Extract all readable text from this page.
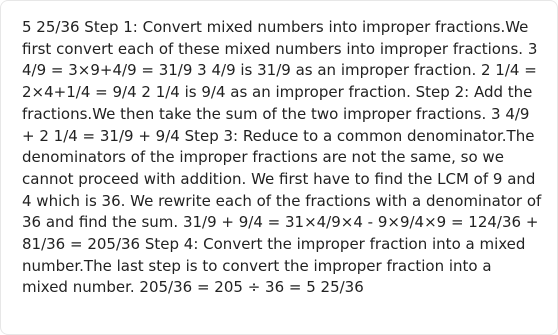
5 25/36 Step 1: Convert mixed numbers into improper fractions.We first convert each of these mixed numbers into improper fractions. 3 4/9 = 3×9+4/9 = 31/9 3 4/9 is 31/9 as an improper fraction. 2 1/4 = 2×4+1/4 = 9/4 2 1/4 is 9/4 as an improper fraction. Step 2: Add the fractions.We then take the sum of the two improper fractions. 3 4/9 + 2 1/4 = 31/9 + 9/4 Step 3: Reduce to a common denominator.The denominators of the improper fractions are not the same, so we cannot proceed with addition. We first have to find the LCM of 9 and 4 which is 36. We rewrite each of the fractions with a denominator of 36 and find the sum. 31/9 + 9/4 = 31×4/9×4 - 9×9/4×9 = 124/36 + 81/36 = 205/36 Step 4: Convert the improper fraction into a mixed number.The last step is to convert the improper fraction into a mixed number. 205/36 = 205 ÷ 36 = 5 25/36
